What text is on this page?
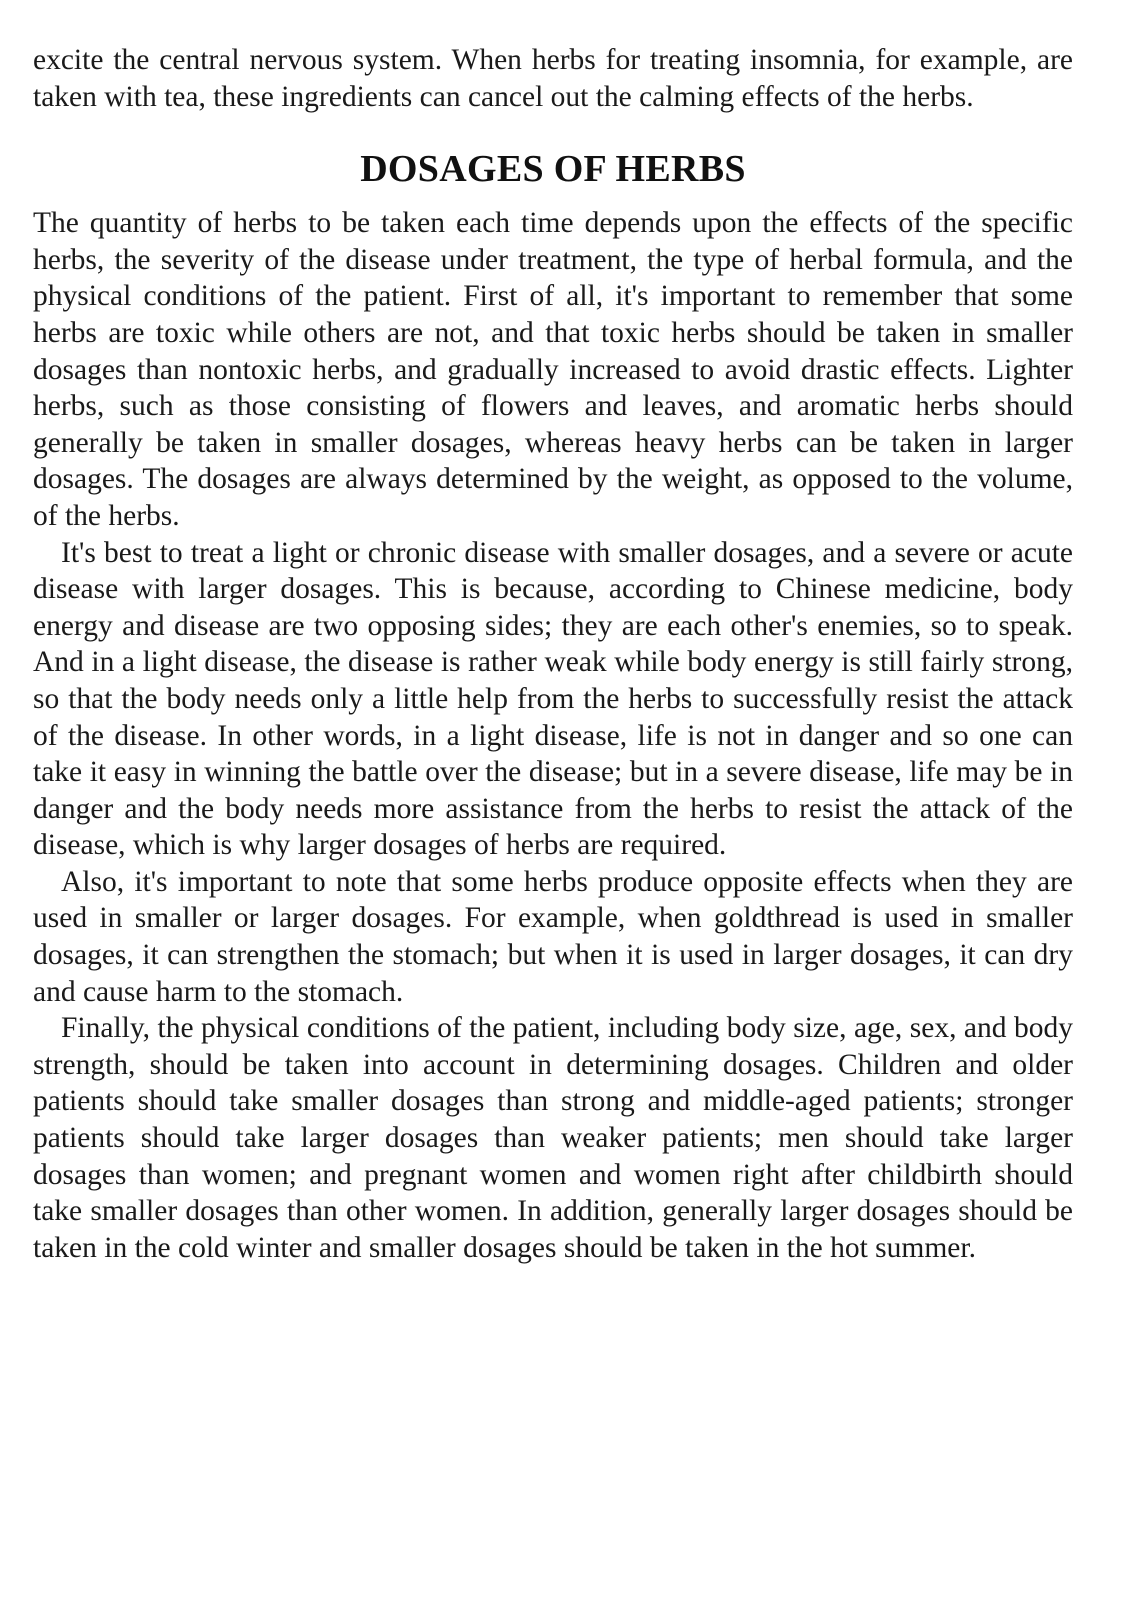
excite the central nervous system. When herbs for treating insomnia, for example, are taken with tea, these ingredients can cancel out the calming effects of the herbs.

DOSAGES OF HERBS

The quantity of herbs to be taken each time depends upon the effects of the specific herbs, the severity of the disease under treatment, the type of herbal formula, and the physical conditions of the patient. First of all, it's important to remember that some herbs are toxic while others are not, and that toxic herbs should be taken in smaller dosages than nontoxic herbs, and gradually increased to avoid drastic effects. Lighter herbs, such as those consisting of flowers and leaves, and aromatic herbs should generally be taken in smaller dosages, whereas heavy herbs can be taken in larger dosages. The dosages are always determined by the weight, as opposed to the volume, of the herbs.

It's best to treat a light or chronic disease with smaller dosages, and a severe or acute disease with larger dosages. This is because, according to Chinese medicine, body energy and disease are two opposing sides; they are each other's enemies, so to speak. And in a light disease, the disease is rather weak while body energy is still fairly strong, so that the body needs only a little help from the herbs to successfully resist the attack of the disease. In other words, in a light disease, life is not in danger and so one can take it easy in winning the battle over the disease; but in a severe disease, life may be in danger and the body needs more assistance from the herbs to resist the attack of the disease, which is why larger dosages of herbs are required.

Also, it's important to note that some herbs produce opposite effects when they are used in smaller or larger dosages. For example, when goldthread is used in smaller dosages, it can strengthen the stomach; but when it is used in larger dosages, it can dry and cause harm to the stomach.

Finally, the physical conditions of the patient, including body size, age, sex, and body strength, should be taken into account in determining dosages. Children and older patients should take smaller dosages than strong and middle-aged patients; stronger patients should take larger dosages than weaker patients; men should take larger dosages than women; and pregnant women and women right after childbirth should take smaller dosages than other women. In addition, generally larger dosages should be taken in the cold winter and smaller dosages should be taken in the hot summer.
